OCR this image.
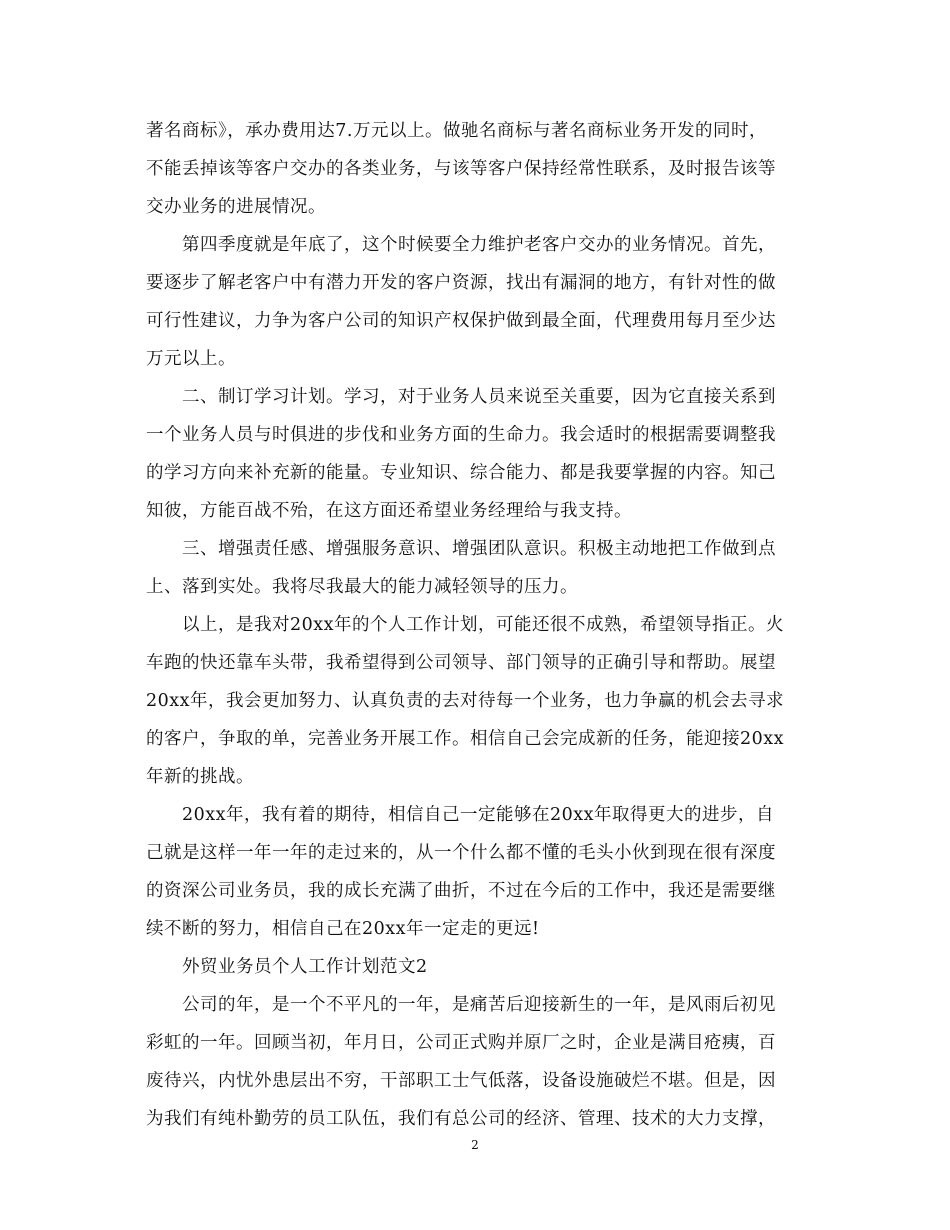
著名商标》，承办费用达7.万元以上。做驰名商标与著名商标业务开发的同时，
不能丢掉该等客户交办的各类业务，与该等客户保持经常性联系，及时报告该等
交办业务的进展情况。
第四季度就是年底了，这个时候要全力维护老客户交办的业务情况。首先，
要逐步了解老客户中有潜力开发的客户资源，找出有漏洞的地方，有针对性的做
可行性建议，力争为客户公司的知识产权保护做到最全面，代理费用每月至少达
万元以上。
二、制订学习计划。学习，对于业务人员来说至关重要，因为它直接关系到
一个业务人员与时俱进的步伐和业务方面的生命力。我会适时的根据需要调整我
的学习方向来补充新的能量。专业知识、综合能力、都是我要掌握的内容。知己
知彼，方能百战不殆，在这方面还希望业务经理给与我支持。
三、增强责任感、增强服务意识、增强团队意识。积极主动地把工作做到点
上、落到实处。我将尽我最大的能力减轻领导的压力。
以上，是我对20xx年的个人工作计划，可能还很不成熟，希望领导指正。火
车跑的快还靠车头带，我希望得到公司领导、部门领导的正确引导和帮助。展望
20xx年，我会更加努力、认真负责的去对待每一个业务，也力争赢的机会去寻求
的客户，争取的单，完善业务开展工作。相信自己会完成新的任务，能迎接20xx
年新的挑战。
20xx年，我有着的期待，相信自己一定能够在20xx年取得更大的进步，自
己就是这样一年一年的走过来的，从一个什么都不懂的毛头小伙到现在很有深度
的资深公司业务员，我的成长充满了曲折，不过在今后的工作中，我还是需要继
续不断的努力，相信自己在20xx年一定走的更远!
外贸业务员个人工作计划范文2
公司的年，是一个不平凡的一年，是痛苦后迎接新生的一年，是风雨后初见
彩虹的一年。回顾当初，年月日，公司正式购并原厂之时，企业是满目疮痍，百
废待兴，内忧外患层出不穷，干部职工士气低落，设备设施破烂不堪。但是，因
为我们有纯朴勤劳的员工队伍，我们有总公司的经济、管理、技术的大力支撑，
2
